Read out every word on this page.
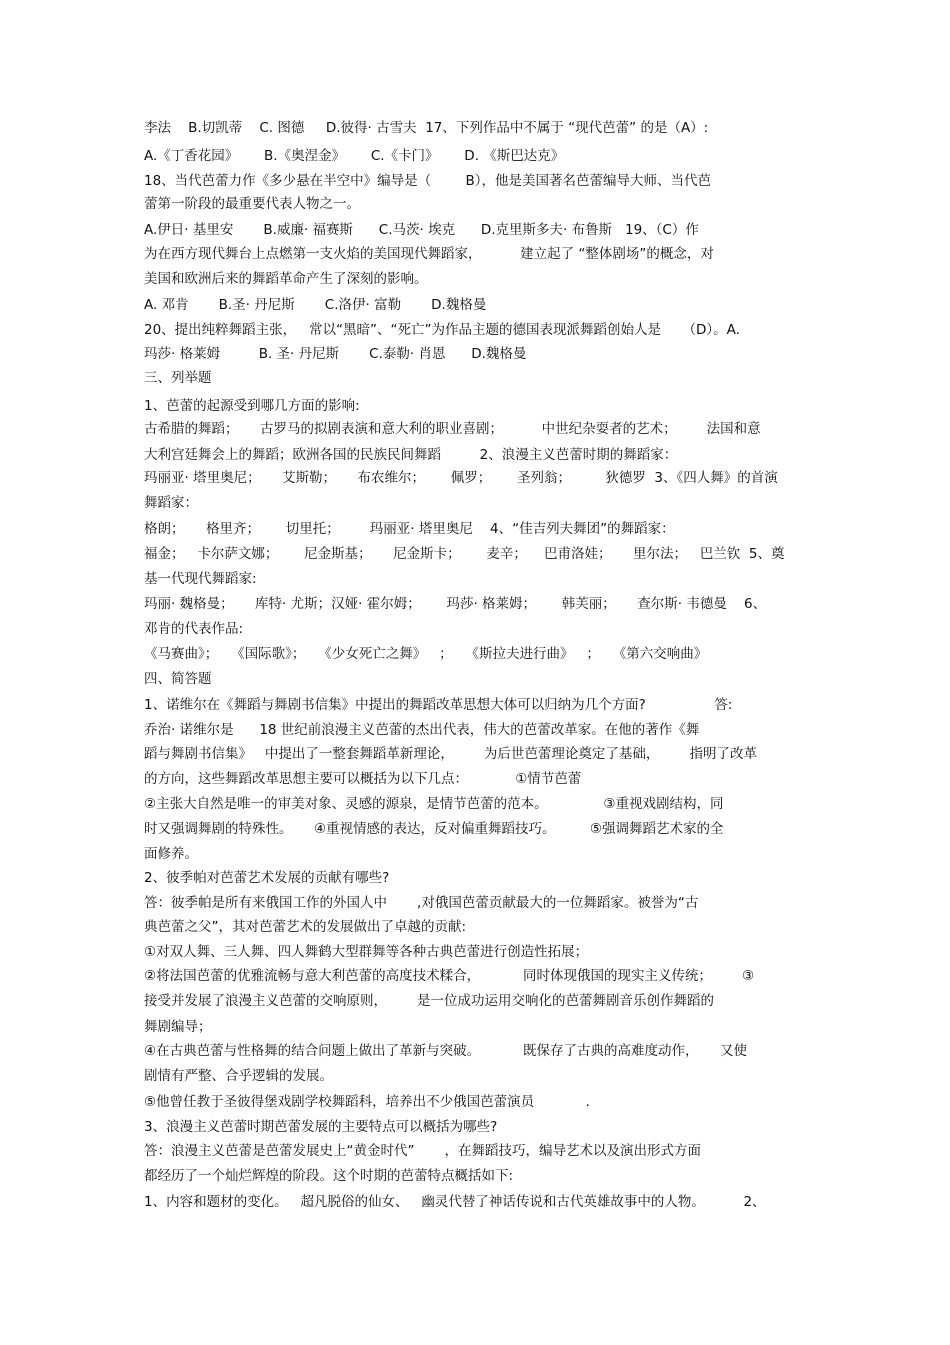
李法    B.切凯蒂    C. 图德     D.彼得· 古雪夫  17、下列作品中不属于 “现代芭蕾” 的是（A）:
A.《丁香花园》      B.《奥涅金》      C.《卡门》      D. 《斯巴达克》
18、当代芭蕾力作《多少悬在半空中》编导是（        B），他是美国著名芭蕾编导大师、当代芭
蕾第一阶段的最重要代表人物之一。
A.伊日· 基里安       B.威廉· 福赛斯      C.马茨· 埃克      D.克里斯多夫· 布鲁斯   19、（C）作
为在西方现代舞台上点燃第一支火焰的美国现代舞蹈家，         建立起了 “整体剧场”的概念，对
美国和欧洲后来的舞蹈革命产生了深刻的影响。
A. 邓肯       B.圣· 丹尼斯       C.洛伊· 富勒       D.魏格曼
20、提出纯粹舞蹈主张，   常以“黑暗”、“死亡”为作品主题的德国表现派舞蹈创始人是     （D）。A.
玛莎· 格莱姆         B. 圣· 丹尼斯       C.泰勒· 肖恩      D.魏格曼
三、列举题
1、芭蕾的起源受到哪几方面的影响:
古希腊的舞蹈；     古罗马的拟剧表演和意大利的职业喜剧；         中世纪杂耍者的艺术；       法国和意
大利宫廷舞会上的舞蹈；欧洲各国的民族民间舞蹈         2、浪漫主义芭蕾时期的舞蹈家：
玛丽亚· 塔里奥尼；     艾斯勒；     布农维尔；      佩罗；      圣列翁；        狄德罗  3、《四人舞》的首演
舞蹈家：
格朗；     格里齐；      切里托；       玛丽亚· 塔里奥尼    4、“佳吉列夫舞团”的舞蹈家：
福金；   卡尔萨文娜；      尼金斯基；     尼金斯卡；      麦辛；    巴甫洛娃；     里尔法；   巴兰钦  5、奠
基一代现代舞蹈家:
玛丽· 魏格曼；     库特· 尤斯；汉娅· 霍尔姆；      玛莎· 格莱姆；      韩芙丽；     查尔斯· 韦德曼    6、
邓肯的代表作品:
《马赛曲》；   《国际歌》；   《少女死亡之舞》   ；   《斯拉夫进行曲》   ；   《第六交响曲》
四、简答题
1、诺维尔在《舞蹈与舞剧书信集》中提出的舞蹈改革思想大体可以归纳为几个方面?                答:
乔治· 诺维尔是      18 世纪前浪漫主义芭蕾的杰出代表，伟大的芭蕾改革家。在他的著作《舞
蹈与舞剧书信集》   中提出了一整套舞蹈革新理论，       为后世芭蕾理论奠定了基础，       指明了改革
的方向，这些舞蹈改革思想主要可以概括为以下几点：           ①情节芭蕾
②主张大自然是唯一的审美对象、灵感的源泉，是情节芭蕾的范本。             ③重视戏剧结构，同
时又强调舞剧的特殊性。     ④重视情感的表达，反对偏重舞蹈技巧。        ⑤强调舞蹈艺术家的全
面修养。
2、彼季帕对芭蕾艺术发展的贡献有哪些?
答：彼季帕是所有来俄国工作的外国人中       ,对俄国芭蕾贡献最大的一位舞蹈家。被誉为“古
典芭蕾之父”，其对芭蕾艺术的发展做出了卓越的贡献:
①对双人舞、三人舞、四人舞鹤大型群舞等各种古典芭蕾进行创造性拓展；
②将法国芭蕾的优雅流畅与意大利芭蕾的高度技术糅合，          同时体现俄国的现实主义传统；       ③
接受并发展了浪漫主义芭蕾的交响原则，       是一位成功运用交响化的芭蕾舞剧音乐创作舞蹈的
舞剧编导；
④在古典芭蕾与性格舞的结合问题上做出了革新与突破。          既保存了古典的高难度动作，     又使
剧情有严整、合乎逻辑的发展。
⑤他曾任教于圣彼得堡戏剧学校舞蹈科，培养出不少俄国芭蕾演员            .
3、浪漫主义芭蕾时期芭蕾发展的主要特点可以概括为哪些?
答：浪漫主义芭蕾是芭蕾发展史上“黄金时代”       ，在舞蹈技巧，编导艺术以及演出形式方面
都经历了一个灿烂辉煌的阶段。这个时期的芭蕾特点概括如下:
1、内容和题材的变化。   超凡脱俗的仙女、   幽灵代替了神话传说和古代英雄故事中的人物。         2、
